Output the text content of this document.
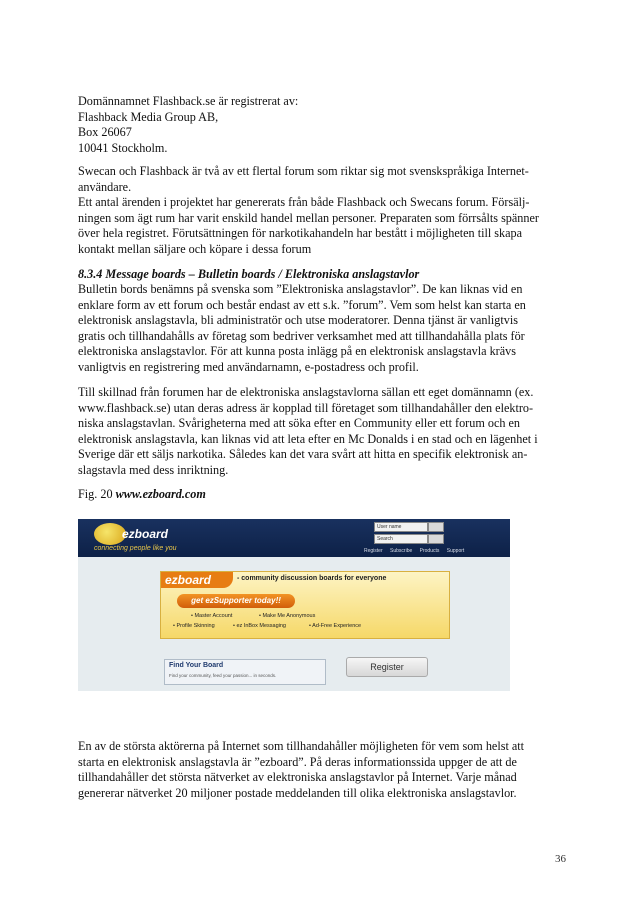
Domännamnet Flashback.se är registrerat av:
Flashback Media Group AB,
Box 26067
10041 Stockholm.
Swecan och Flashback är två av ett flertal forum som riktar sig mot svenskspråkiga Internet-
användare.
Ett antal ärenden i projektet har genererats från både Flashback och Swecans forum. Försälj-
ningen som ägt rum har varit enskild handel mellan personer. Preparaten som förrsålts spänner
över hela registret. Förutsättningen för narkotikahandeln har bestått i möjligheten till skapa
kontakt mellan säljare och köpare i dessa forum
8.3.4 Message boards – Bulletin boards / Elektroniska anslagstavlor
Bulletin bords benämns på svenska som ”Elektroniska anslagstavlor”. De kan liknas vid en
enklare form av ett forum och består endast av ett s.k. ”forum”. Vem som helst kan starta en
elektronisk anslagstavla, bli administratör och utse moderatorer. Denna tjänst är vanligtvis
gratis och tillhandahålls av företag som bedriver verksamhet med att tillhandahålla plats för
elektroniska anslagstavlor. För att kunna posta inlägg på en elektronisk anslagstavla krävs
vanligtvis en registrering med användarnamn, e-postadress och profil.
Till skillnad från forumen har de elektroniska anslagstavlorna sällan ett eget domännamn (ex.
www.flashback.se) utan deras adress är kopplad till företaget som tillhandahåller den elektro-
niska anslagstavlan. Svårigheterna med att söka efter en Community eller ett forum och en
elektronisk anslagstavla, kan liknas vid att leta efter en Mc Donalds i en stad och en lägenhet i
Sverige där ett säljs narkotika. Således kan det vara svårt att hitta en specifik elektronisk an-
slagstavla med dess inriktning.
Fig. 20 www.ezboard.com
ezboard
connecting people like you
User name
Search
Register Subscribe Products Support
ezboard	- community discussion boards for everyone
get ezSupporter today!!
• Master Account	• Make Me Anonymous
• Profile Skinning	• ez InBox Messaging	• Ad-Free Experience
Find Your Board
Find your community, feed your passion... in seconds.
Register
En av de största aktörerna på Internet som tillhandahåller möjligheten för vem som helst att
starta en elektronisk anslagstavla är ”ezboard”. På deras informationssida uppger de att de
tillhandahåller det största nätverket av elektroniska anslagstavlor på Internet. Varje månad
genererar nätverket 20 miljoner postade meddelanden till olika elektroniska anslagstavlor.
36
